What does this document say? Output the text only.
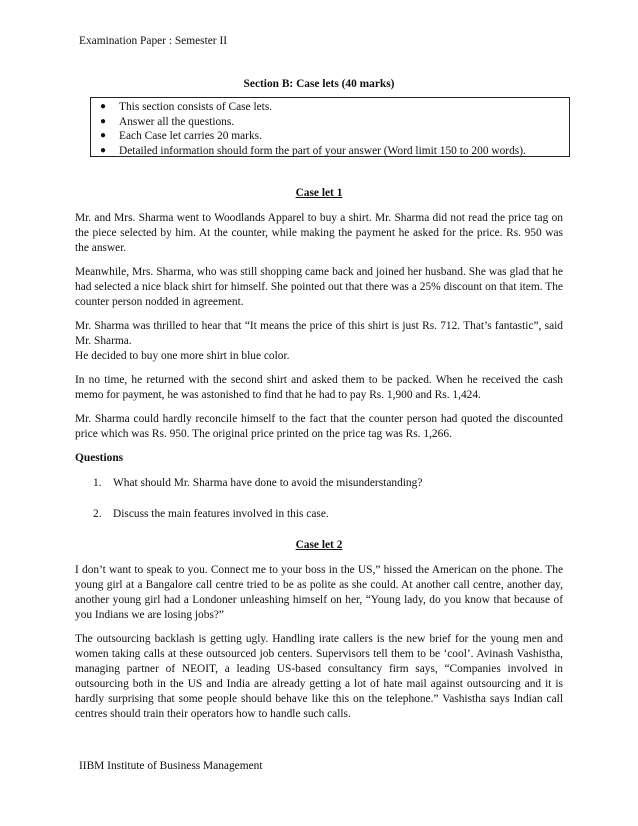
Examination Paper : Semester II
Section B: Case lets (40 marks)
● This section consists of Case lets.
● Answer all the questions.
● Each Case let carries 20 marks.
● Detailed information should form the part of your answer (Word limit 150 to 200 words).
Case let 1

Mr. and Mrs. Sharma went to Woodlands Apparel to buy a shirt. Mr. Sharma did not read the price tag on the piece selected by him. At the counter, while making the payment he asked for the price. Rs. 950 was the answer.

Meanwhile, Mrs. Sharma, who was still shopping came back and joined her husband. She was glad that he had selected a nice black shirt for himself. She pointed out that there was a 25% discount on that item. The counter person nodded in agreement.

Mr. Sharma was thrilled to hear that “It means the price of this shirt is just Rs. 712. That’s fantastic”, said Mr. Sharma.

He decided to buy one more shirt in blue color.

In no time, he returned with the second shirt and asked them to be packed. When he received the cash memo for payment, he was astonished to find that he had to pay Rs. 1,900 and Rs. 1,424.

Mr. Sharma could hardly reconcile himself to the fact that the counter person had quoted the discounted price which was Rs. 950. The original price printed on the price tag was Rs. 1,266.

Questions
1. What should Mr. Sharma have done to avoid the misunderstanding?
2. Discuss the main features involved in this case.
Case let 2

I don’t want to speak to you. Connect me to your boss in the US,” hissed the American on the phone. The young girl at a Bangalore call centre tried to be as polite as she could. At another call centre, another day, another young girl had a Londoner unleashing himself on her, “Young lady, do you know that because of you Indians we are losing jobs?”

The outsourcing backlash is getting ugly. Handling irate callers is the new brief for the young men and women taking calls at these outsourced job centers. Supervisors tell them to be ‘cool’. Avinash Vashistha, managing partner of NEOIT, a leading US-based consultancy firm says, “Companies involved in outsourcing both in the US and India are already getting a lot of hate mail against outsourcing and it is hardly surprising that some people should behave like this on the telephone.” Vashistha says Indian call centres should train their operators how to handle such calls.

IIBM Institute of Business Management
